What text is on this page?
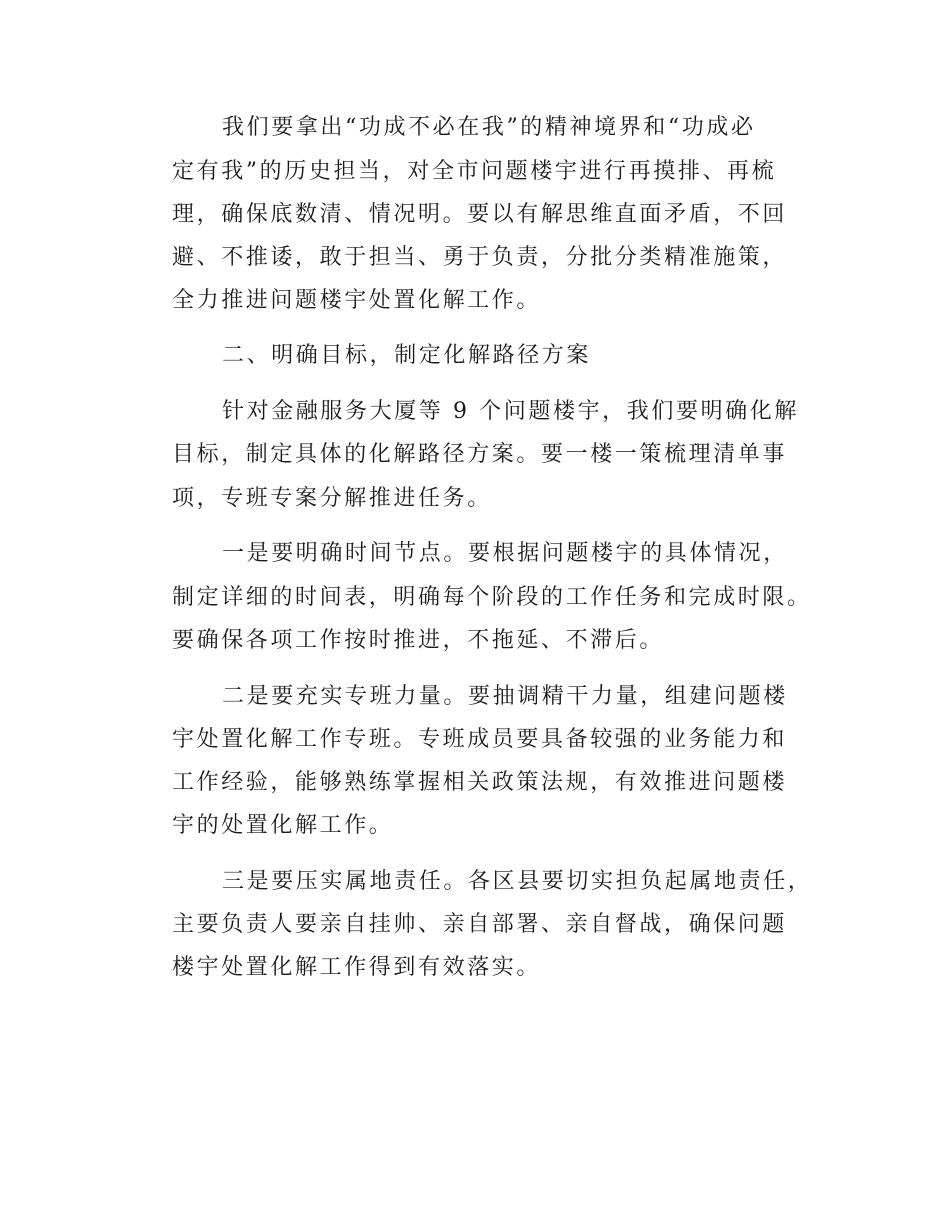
我们要拿出“功成不必在我”的精神境界和“功成必
定有我”的历史担当，对全市问题楼宇进行再摸排、再梳
理，确保底数清、情况明。要以有解思维直面矛盾，不回
避、不推诿，敢于担当、勇于负责，分批分类精准施策，
全力推进问题楼宇处置化解工作。
二、明确目标，制定化解路径方案
针对金融服务大厦等 9 个问题楼宇，我们要明确化解
目标，制定具体的化解路径方案。要一楼一策梳理清单事
项，专班专案分解推进任务。
一是要明确时间节点。要根据问题楼宇的具体情况，
制定详细的时间表，明确每个阶段的工作任务和完成时限。
要确保各项工作按时推进，不拖延、不滞后。
二是要充实专班力量。要抽调精干力量，组建问题楼
宇处置化解工作专班。专班成员要具备较强的业务能力和
工作经验，能够熟练掌握相关政策法规，有效推进问题楼
宇的处置化解工作。
三是要压实属地责任。各区县要切实担负起属地责任，
主要负责人要亲自挂帅、亲自部署、亲自督战，确保问题
楼宇处置化解工作得到有效落实。
